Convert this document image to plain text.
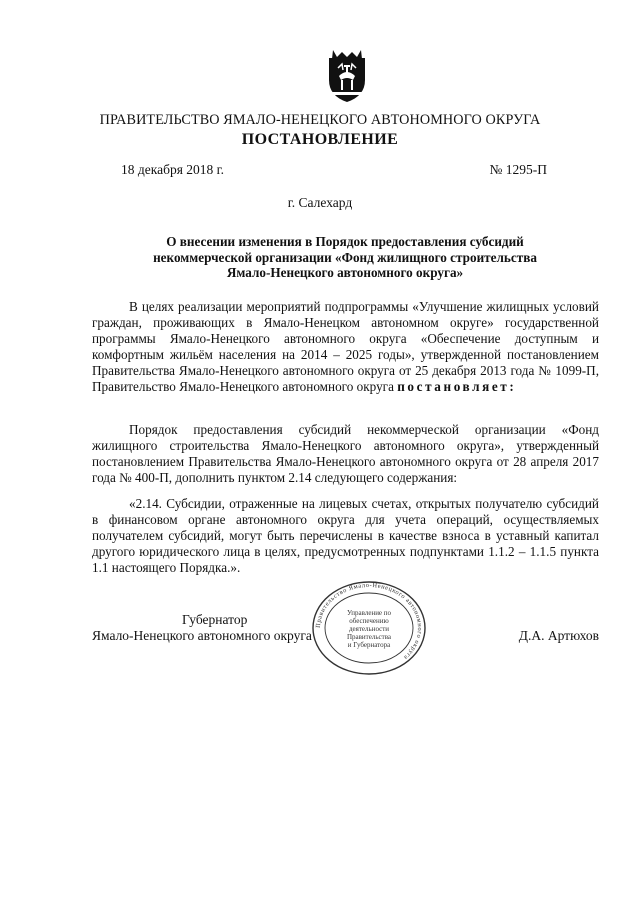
ПРАВИТЕЛЬСТВО ЯМАЛО-НЕНЕЦКОГО АВТОНОМНОГО ОКРУГА
ПОСТАНОВЛЕНИЕ
18 декабря 2018 г.	№ 1295-П
г. Салехард
О внесении изменения в Порядок предоставления субсидий
некоммерческой организации «Фонд жилищного строительства
Ямало-Ненецкого автономного округа»

В целях реализации мероприятий подпрограммы «Улучшение жилищных условий граждан, проживающих в Ямало-Ненецком автономном округе» государственной программы Ямало-Ненецкого автономного округа «Обеспечение доступным и комфортным жильём населения на 2014 – 2025 годы», утвержденной постановлением Правительства Ямало-Ненецкого автономного округа от 25 декабря 2013 года № 1099-П, Правительство Ямало-Ненецкого автономного округа постановляет:

Порядок предоставления субсидий некоммерческой организации «Фонд жилищного строительства Ямало-Ненецкого автономного округа», утвержденный постановлением Правительства Ямало-Ненецкого автономного округа от 28 апреля 2017 года № 400-П, дополнить пунктом 2.14 следующего содержания:

«2.14. Субсидии, отраженные на лицевых счетах, открытых получателю субсидий в финансовом органе автономного округа для учета операций, осуществляемых получателем субсидий, могут быть перечислены в качестве взноса в уставный капитал другого юридического лица в целях, предусмотренных подпунктами 1.1.2 – 1.1.5 пункта 1.1 настоящего Порядка.».

Губернатор
Ямало-Ненецкого автономного округа	Д.А. Артюхов
Правительство Ямало-Ненецкого автономного округа
Управление по
обеспечению
деятельности
Правительства
и Губернатора
